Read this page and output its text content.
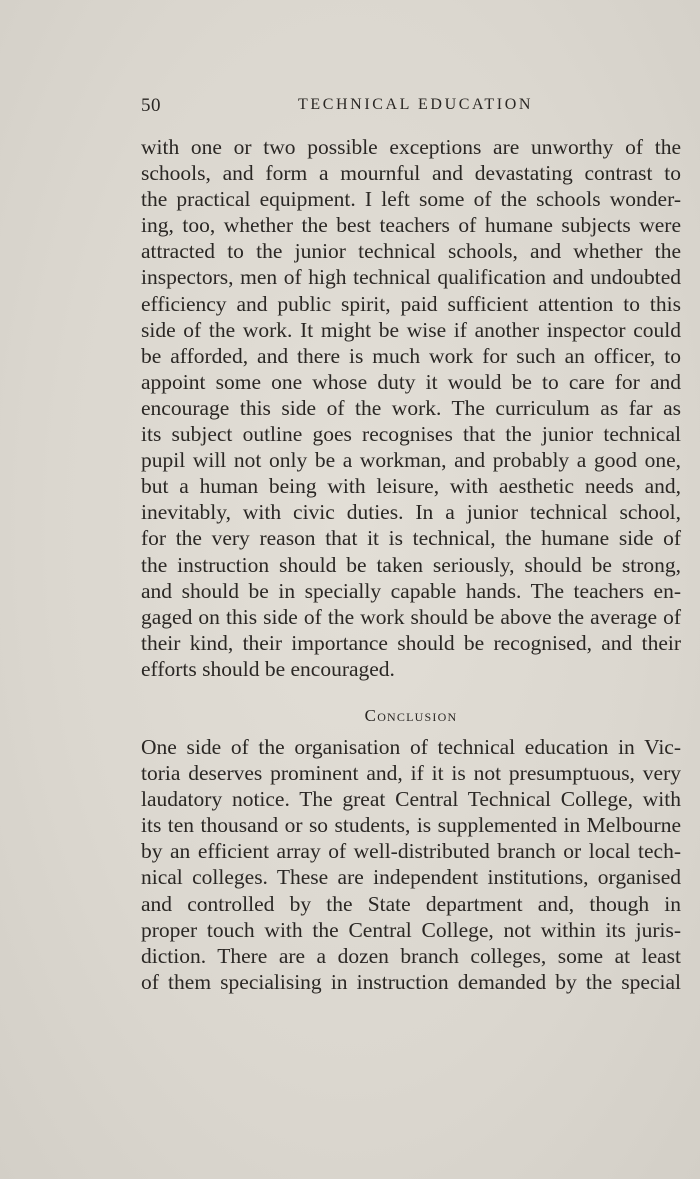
50	TECHNICAL EDUCATION
with one or two possible exceptions are unworthy of the
schools, and form a mournful and devastating contrast to
the practical equipment. I left some of the schools wonder-
ing, too, whether the best teachers of humane subjects were
attracted to the junior technical schools, and whether the
inspectors, men of high technical qualification and undoubted
efficiency and public spirit, paid sufficient attention to this
side of the work. It might be wise if another inspector could
be afforded, and there is much work for such an officer, to
appoint some one whose duty it would be to care for and
encourage this side of the work. The curriculum as far as
its subject outline goes recognises that the junior technical
pupil will not only be a workman, and probably a good one,
but a human being with leisure, with aesthetic needs and,
inevitably, with civic duties. In a junior technical school,
for the very reason that it is technical, the humane side of
the instruction should be taken seriously, should be strong,
and should be in specially capable hands. The teachers en-
gaged on this side of the work should be above the average of
their kind, their importance should be recognised, and their
efforts should be encouraged.
Conclusion
One side of the organisation of technical education in Vic-
toria deserves prominent and, if it is not presumptuous, very
laudatory notice. The great Central Technical College, with
its ten thousand or so students, is supplemented in Melbourne
by an efficient array of well-distributed branch or local tech-
nical colleges. These are independent institutions, organised
and controlled by the State department and, though in
proper touch with the Central College, not within its juris-
diction. There are a dozen branch colleges, some at least
of them specialising in instruction demanded by the special
